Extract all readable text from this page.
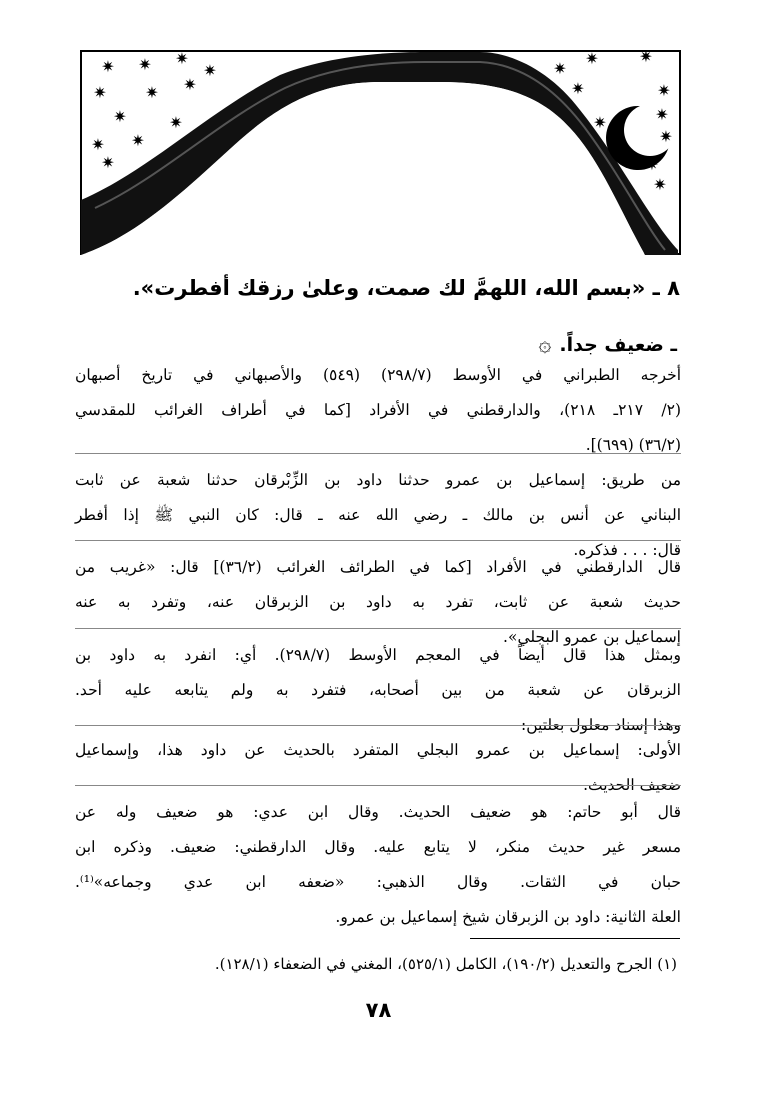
✷ ✷ ✷
✷
✷ ✷ ✷
✷
✷ ✷
✷
✷
✷
✷	✷
✷	✷
✷
✷
✷
✷
✷
✷
٨ ـ «بسم الله، اللهمَّ لك صمت، وعلىٰ رزقك أفطرت».
۞ ـ ضعيف جداً.
أخرجه الطبراني في الأوسط (٢٩٨/٧) (٥٤٩) والأصبهاني في تاريخ أصبهان
(٢/ ٢١٧ـ ٢١٨)، والدارقطني في الأفراد [كما في أطراف الغرائب للمقدسي
(٣٦/٢) (٦٩٩)].
من طريق: إسماعيل بن عمرو حدثنا داود بن الزِّبْرقان حدثنا شعبة عن ثابت
البناني عن أنس بن مالك ـ رضي الله عنه ـ قال: كان النبي ﷺ إذا أفطر
قال: . . . فذكره.
قال الدارقطني في الأفراد [كما في الطرائف الغرائب (٣٦/٢)] قال: «غريب من
حديث شعبة عن ثابت، تفرد به داود بن الزبرقان عنه، وتفرد به عنه
إسماعيل بن عمرو البجلي».
وبمثل هذا قال أيضاً في المعجم الأوسط (٢٩٨/٧). أي: انفرد به داود بن
الزبرقان عن شعبة من بين أصحابه، فتفرد به ولم يتابعه عليه أحد.
وهذا إسناد معلول بعلتين:
الأولى: إسماعيل بن عمرو البجلي المتفرد بالحديث عن داود هذا، وإسماعيل
ضعيف الحديث.
قال أبو حاتم: هو ضعيف الحديث. وقال ابن عدي: هو ضعيف وله عن
مسعر غير حديث منكر، لا يتابع عليه. وقال الدارقطني: ضعيف. وذكره ابن
حبان في الثقات. وقال الذهبي: «ضعفه ابن عدي وجماعه»⁽¹⁾.
العلة الثانية: داود بن الزبرقان شيخ إسماعيل بن عمرو.

(١) الجرح والتعديل (١٩٠/٢)، الكامل (٥٢٥/١)، المغني في الضعفاء (١٢٨/١).

٧٨
